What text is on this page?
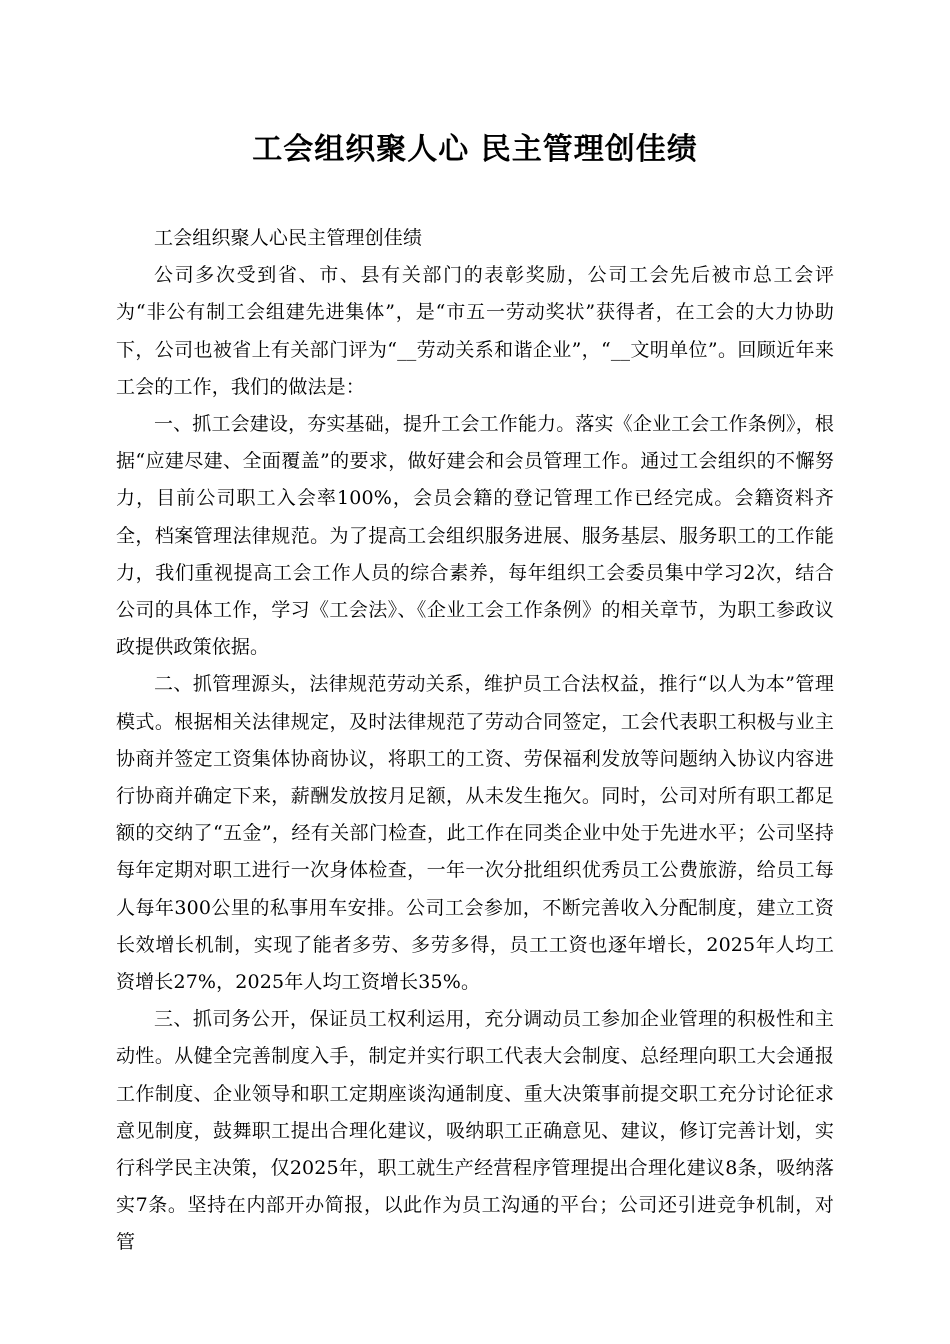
工会组织聚人心 民主管理创佳绩

工会组织聚人心民主管理创佳绩

公司多次受到省、市、县有关部门的表彰奖励，公司工会先后被市总工会评为“非公有制工会组建先进集体”，是“市五一劳动奖状”获得者，在工会的大力协助下，公司也被省上有关部门评为“__劳动关系和谐企业”，“__文明单位”。回顾近年来工会的工作，我们的做法是：

一、抓工会建设，夯实基础，提升工会工作能力。落实《企业工会工作条例》，根据“应建尽建、全面覆盖”的要求，做好建会和会员管理工作。通过工会组织的不懈努力，目前公司职工入会率100%，会员会籍的登记管理工作已经完成。会籍资料齐全，档案管理法律规范。为了提高工会组织服务进展、服务基层、服务职工的工作能力，我们重视提高工会工作人员的综合素养，每年组织工会委员集中学习2次，结合公司的具体工作，学习《工会法》、《企业工会工作条例》的相关章节，为职工参政议政提供政策依据。

二、抓管理源头，法律规范劳动关系，维护员工合法权益，推行“以人为本”管理模式。根据相关法律规定，及时法律规范了劳动合同签定，工会代表职工积极与业主协商并签定工资集体协商协议，将职工的工资、劳保福利发放等问题纳入协议内容进行协商并确定下来，薪酬发放按月足额，从未发生拖欠。同时，公司对所有职工都足额的交纳了“五金”，经有关部门检查，此工作在同类企业中处于先进水平；公司坚持每年定期对职工进行一次身体检查，一年一次分批组织优秀员工公费旅游，给员工每人每年300公里的私事用车安排。公司工会参加，不断完善收入分配制度，建立工资长效增长机制，实现了能者多劳、多劳多得，员工工资也逐年增长，2025年人均工资增长27%，2025年人均工资增长35%。

三、抓司务公开，保证员工权利运用，充分调动员工参加企业管理的积极性和主动性。从健全完善制度入手，制定并实行职工代表大会制度、总经理向职工大会通报工作制度、企业领导和职工定期座谈沟通制度、重大决策事前提交职工充分讨论征求意见制度，鼓舞职工提出合理化建议，吸纳职工正确意见、建议，修订完善计划，实行科学民主决策，仅2025年，职工就生产经营程序管理提出合理化建议8条，吸纳落实7条。坚持在内部开办简报，以此作为员工沟通的平台；公司还引进竞争机制，对管
